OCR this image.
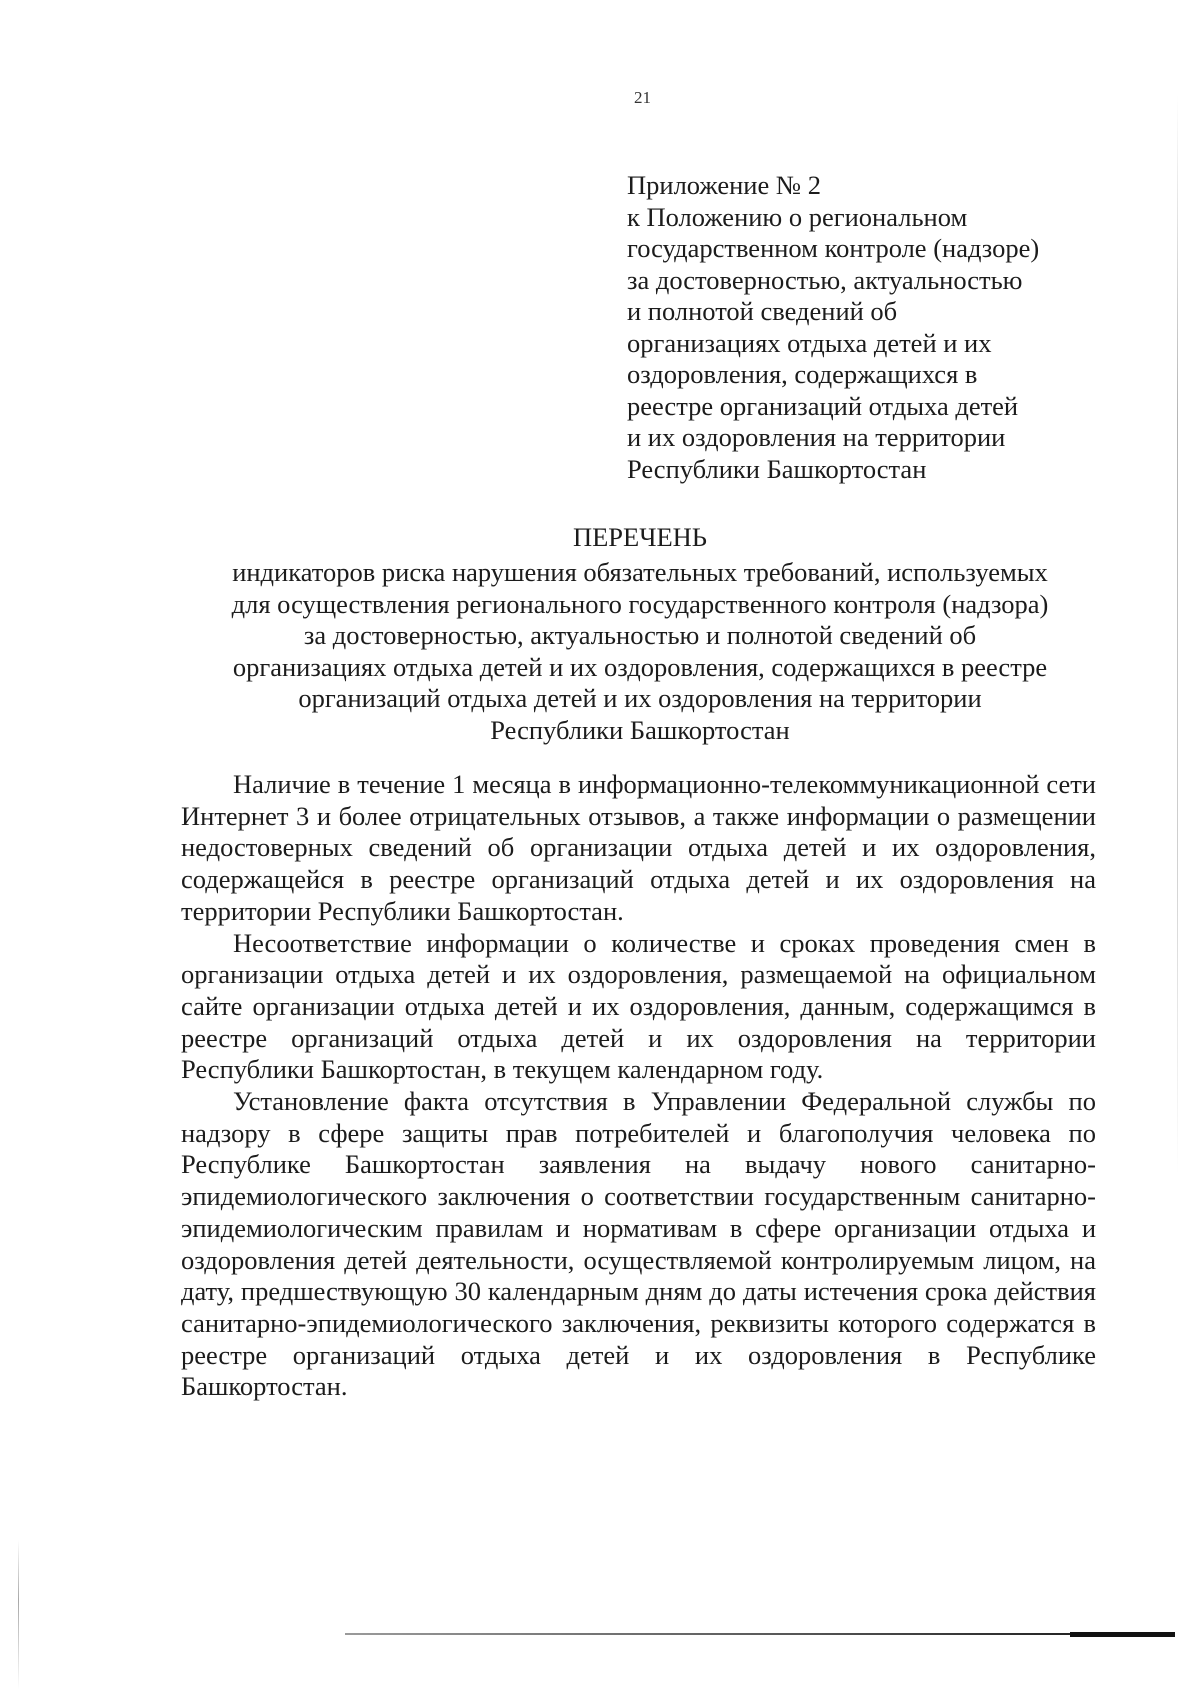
21
Приложение № 2
к Положению о региональном
государственном контроле (надзоре)
за достоверностью, актуальностью
и полнотой сведений об
организациях отдыха детей и их
оздоровления, содержащихся в
реестре организаций отдыха детей
и их оздоровления на территории
Республики Башкортостан
ПЕРЕЧЕНЬ
индикаторов риска нарушения обязательных требований, используемых
для осуществления регионального государственного контроля (надзора)
за достоверностью, актуальностью и полнотой сведений об
организациях отдыха детей и их оздоровления, содержащихся в реестре
организаций отдыха детей и их оздоровления на территории
Республики Башкортостан

Наличие в течение 1 месяца в информационно-телекоммуникационной сети Интернет 3 и более отрицательных отзывов, а также информации о размещении недостоверных сведений об организации отдыха детей и их оздоровления, содержащейся в реестре организаций отдыха детей и их оздоровления на территории Республики Башкортостан.

Несоответствие информации о количестве и сроках проведения смен в организации отдыха детей и их оздоровления, размещаемой на официальном сайте организации отдыха детей и их оздоровления, данным, содержащимся в реестре организаций отдыха детей и их оздоровления на территории Республики Башкортостан, в текущем календарном году.

Установление факта отсутствия в Управлении Федеральной службы по надзору в сфере защиты прав потребителей и благополучия человека по Республике Башкортостан заявления на выдачу нового санитарно-эпидемиологического заключения о соответствии государственным санитарно-эпидемиологическим правилам и нормативам в сфере организации отдыха и оздоровления детей деятельности, осуществляемой контролируемым лицом, на дату, предшествующую 30 календарным дням до даты истечения срока действия санитарно-эпидемиологического заключения, реквизиты которого содержатся в реестре организаций отдыха детей и их оздоровления в Республике Башкортостан.
